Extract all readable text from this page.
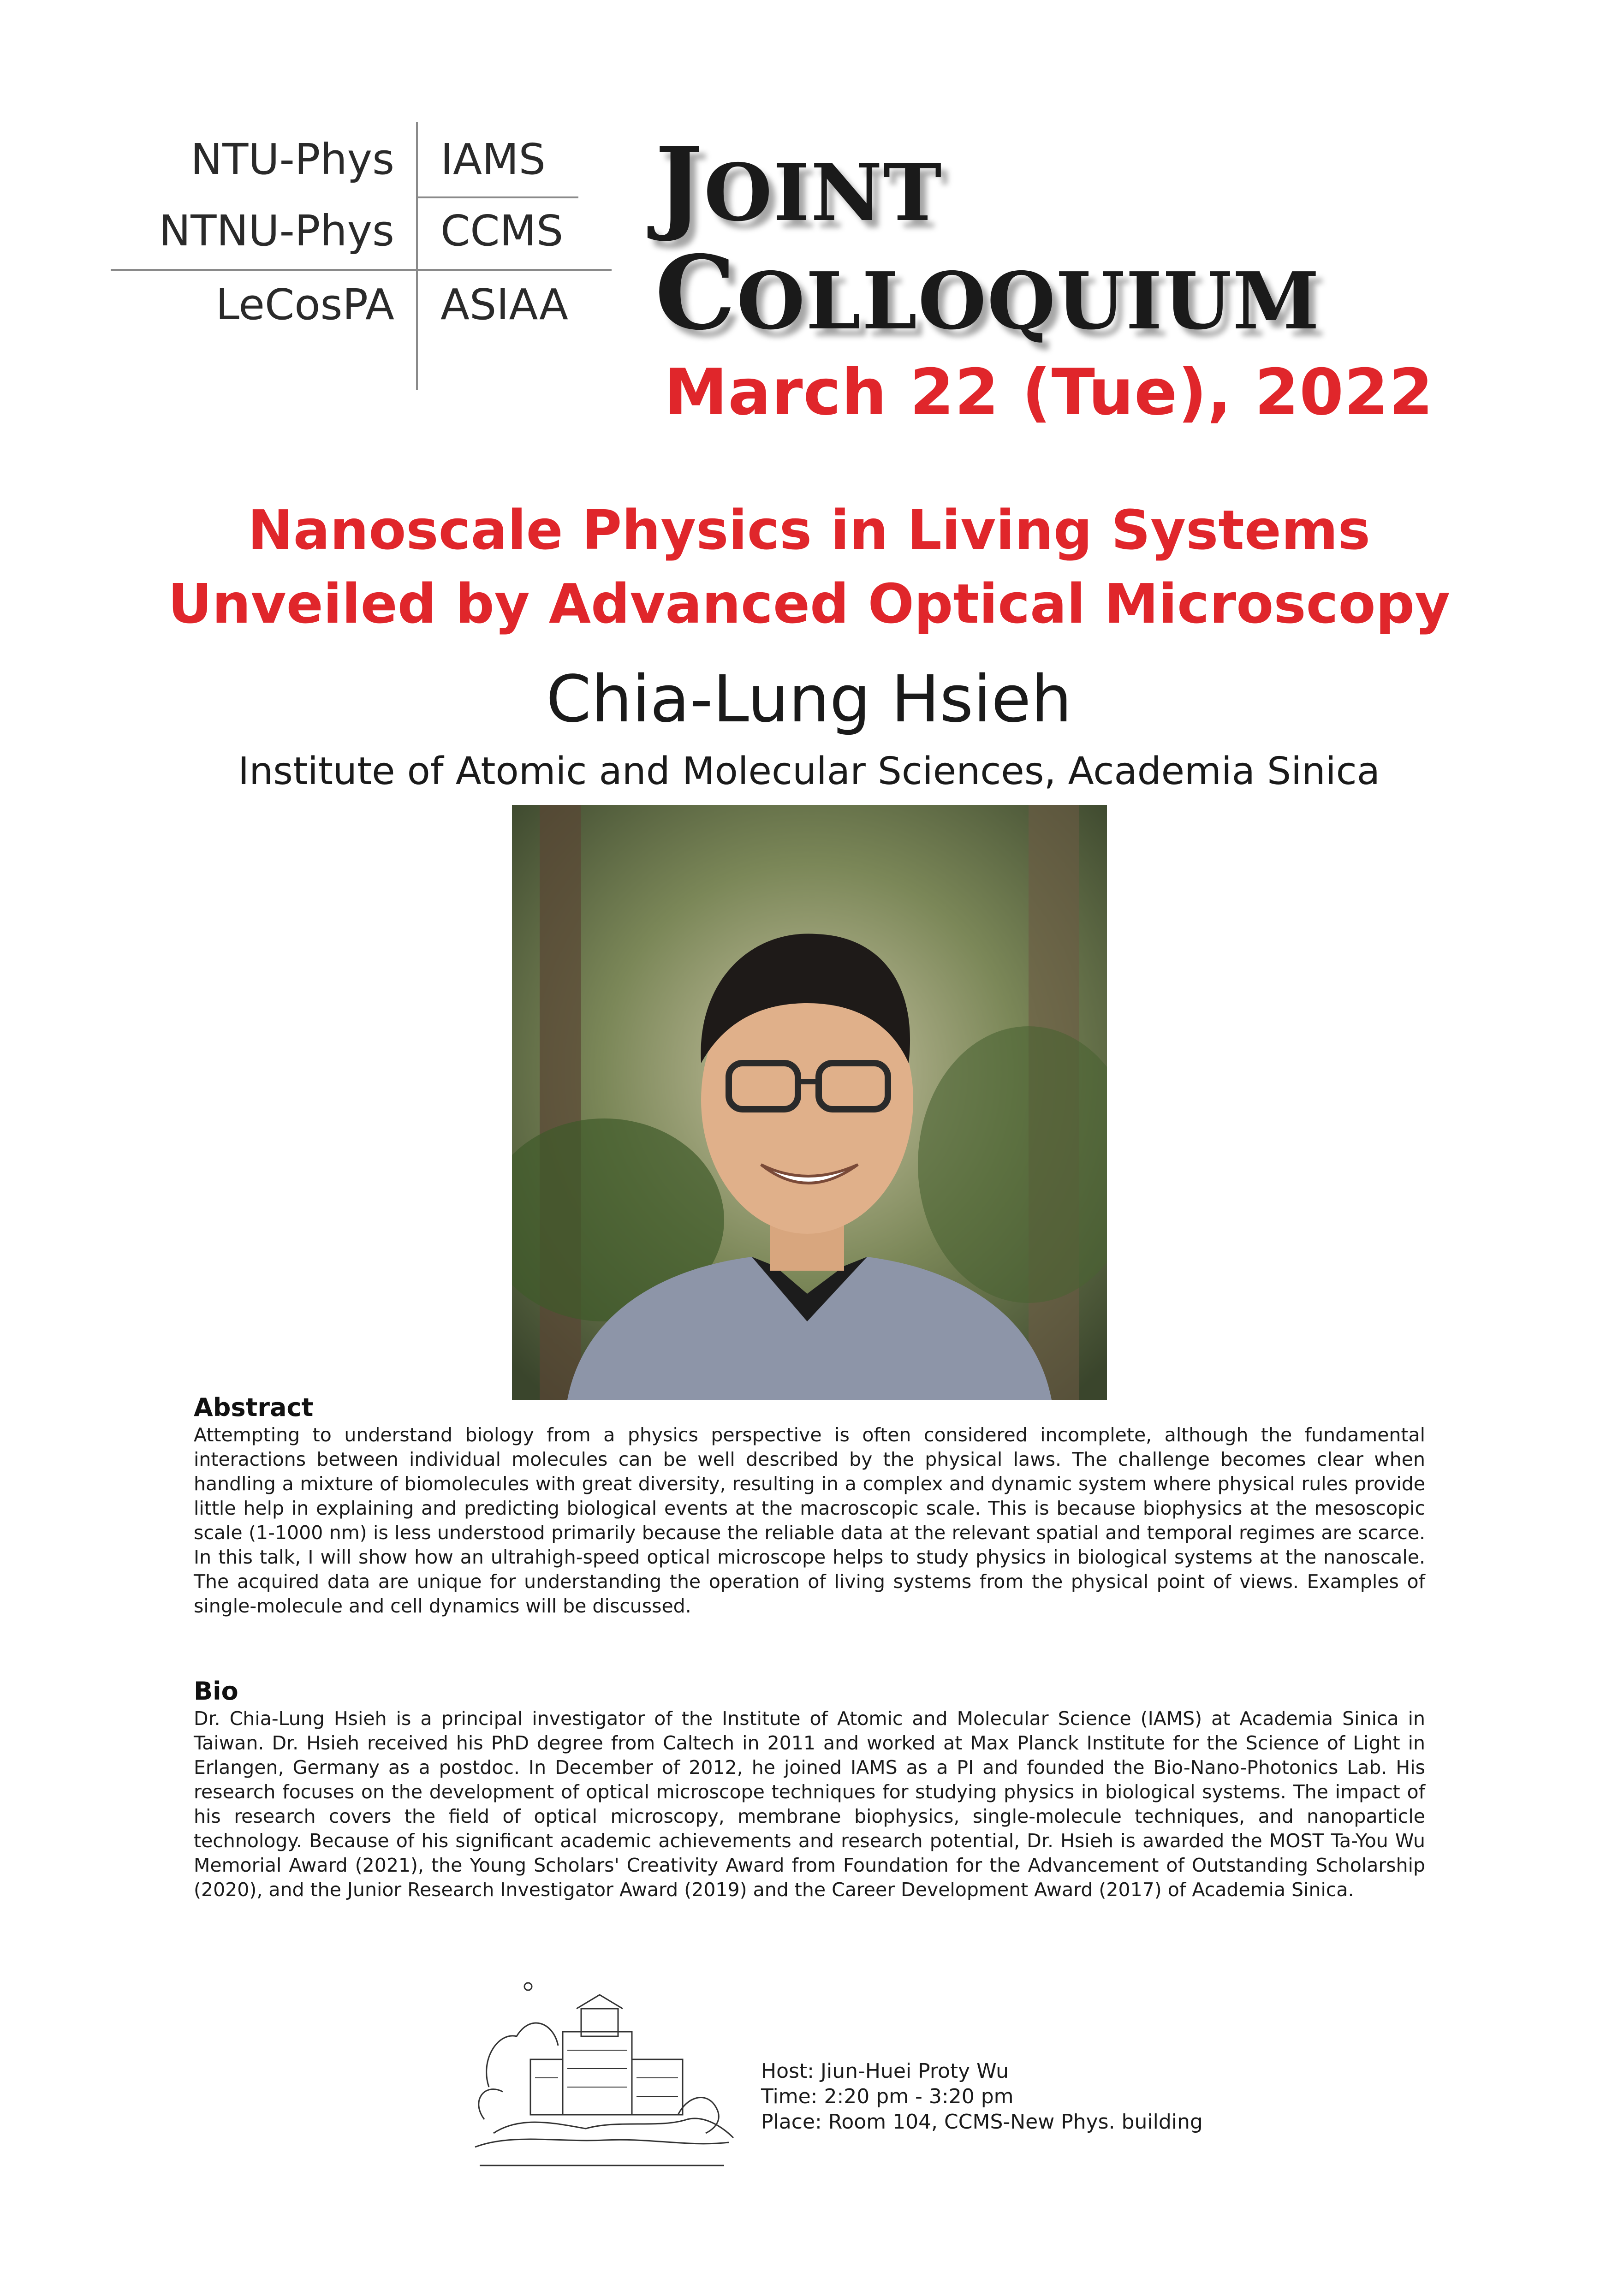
NTU-Phys
NTNU-Phys
LeCosPA
IAMS
CCMS
ASIAA
JOINT
COLLOQUIUM
March 22 (Tue), 2022
Nanoscale Physics in Living Systems
Unveiled by Advanced Optical Microscopy
Chia-Lung Hsieh
Institute of Atomic and Molecular Sciences, Academia Sinica
Abstract
Attempting to understand biology from a physics perspective is often considered incomplete, although the fundamental interactions between individual molecules can be well described by the physical laws. The challenge becomes clear when handling a mixture of biomolecules with great diversity, resulting in a complex and dynamic system where physical rules provide little help in explaining and predicting biological events at the macroscopic scale. This is because biophysics at the mesoscopic scale (1-1000 nm) is less understood primarily because the reliable data at the relevant spatial and temporal regimes are scarce. In this talk, I will show how an ultrahigh-speed optical microscope helps to study physics in biological systems at the nanoscale. The acquired data are unique for understanding the operation of living systems from the physical point of views. Examples of single-molecule and cell dynamics will be discussed.
Bio
Dr. Chia-Lung Hsieh is a principal investigator of the Institute of Atomic and Molecular Science (IAMS) at Academia Sinica in Taiwan. Dr. Hsieh received his PhD degree from Caltech in 2011 and worked at Max Planck Institute for the Science of Light in Erlangen, Germany as a postdoc. In December of 2012, he joined IAMS as a PI and founded the Bio-Nano-Photonics Lab. His research focuses on the development of optical microscope techniques for studying physics in biological systems. The impact of his research covers the field of optical microscopy, membrane biophysics, single-molecule techniques, and nanoparticle technology. Because of his significant academic achievements and research potential, Dr. Hsieh is awarded the MOST Ta-You Wu Memorial Award (2021), the Young Scholars' Creativity Award from Foundation for the Advancement of Outstanding Scholarship (2020), and the Junior Research Investigator Award (2019) and the Career Development Award (2017) of Academia Sinica.
Host: Jiun-Huei Proty Wu
Time: 2:20 pm - 3:20 pm
Place: Room 104, CCMS-New Phys. building
